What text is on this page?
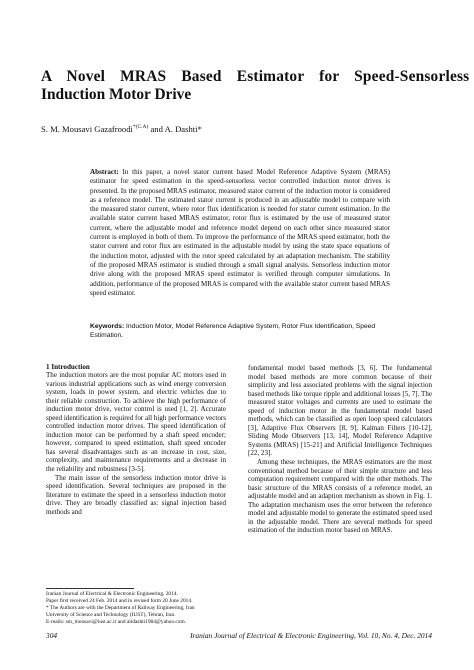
A Novel MRAS Based Estimator for Speed-Sensorless
Induction Motor Drive
S. M. Mousavi Gazafroodi$^{*(C.A)}$ and A. Dashti*

Abstract: In this paper, a novel stator current based Model Reference Adaptive System (MRAS) estimator for speed estimation in the speed-sensorless vector controlled induction motor drives is presented. In the proposed MRAS estimator, measured stator current of the induction motor is considered as a reference model. The estimated stator current is produced in an adjustable model to compare with the measured stator current, where rotor flux identification is needed for stator current estimation. In the available stator current based MRAS estimator, rotor flux is estimated by the use of measured stator current, where the adjustable model and reference model depend on each other since measured stator current is employed in both of them. To improve the performance of the MRAS speed estimator, both the stator current and rotor flux are estimated in the adjustable model by using the state space equations of the induction motor, adjusted with the rotor speed calculated by an adaptation mechanism. The stability of the proposed MRAS estimator is studied through a small signal analysis. Sensorless induction motor drive along with the proposed MRAS speed estimator is verified through computer simulations. In addition, performance of the proposed MRAS is compared with the available stator current based MRAS speed estimator.

Keywords: Induction Motor, Model Reference Adaptive System, Rotor Flux Identification, Speed Estimation.

1 Introduction

The induction motors are the most popular AC motors used in various industrial applications such as wind energy conversion system, loads in power system, and electric vehicles due to their reliable construction. To achieve the high performance of induction motor drive, vector control is used [1, 2]. Accurate speed identification is required for all high performance vectors controlled induction motor drives. The speed identification of induction motor can be performed by a shaft speed encoder; however, compared to speed estimation, shaft speed encoder has several disadvantages such as an increase in cost, size, complexity, and maintenance requirements and a decrease in the reliability and robustness [3-5].

The main issue of the sensorless induction motor drive is speed identification. Several techniques are proposed in the literature to estimate the speed in a sensorless induction motor drive. They are broadly classified as: signal injection based methods and

fundamental model based methods [3, 6]. The fundamental model based methods are more common because of their simplicity and less associated problems with the signal injection based methods like torque ripple and additional losses [5, 7]. The measured stator voltages and currents are used to estimate the speed of induction motor in the fundamental model based methods, which can be classified as open loop speed calculators [3], Adaptive Flux Observers [8, 9], Kalman Filters [10-12], Sliding Mode Observers [13, 14], Model Reference Adaptive Systems (MRAS) [15-21] and Artificial Intelligence Techniques [22, 23].

Among these techniques, the MRAS estimators are the most conventional method because of their simple structure and less computation requirement compared with the other methods. The basic structure of the MRAS consists of a reference model, an adjustable model and an adaption mechanism as shown in Fig. 1. The adaptation mechanism uses the error between the reference model and adjustable model to generate the estimated speed used in the adjustable model. There are several methods for speed estimation of the induction motor based on MRAS.

Iranian Journal of Electrical & Electronic Engineering, 2014.
Paper first received 24 Feb. 2014 and in revised form 20 June 2014.
* The Authors are with the Department of Railway Engineering, Iran
University of Science and Technology (IUST), Tehran, Iran.
E-mails: sm_mousavi@iust.ac.ir and alidashti1984@yahoo.com.
304	Iranian Journal of Electrical & Electronic Engineering, Vol. 10, No. 4, Dec. 2014
